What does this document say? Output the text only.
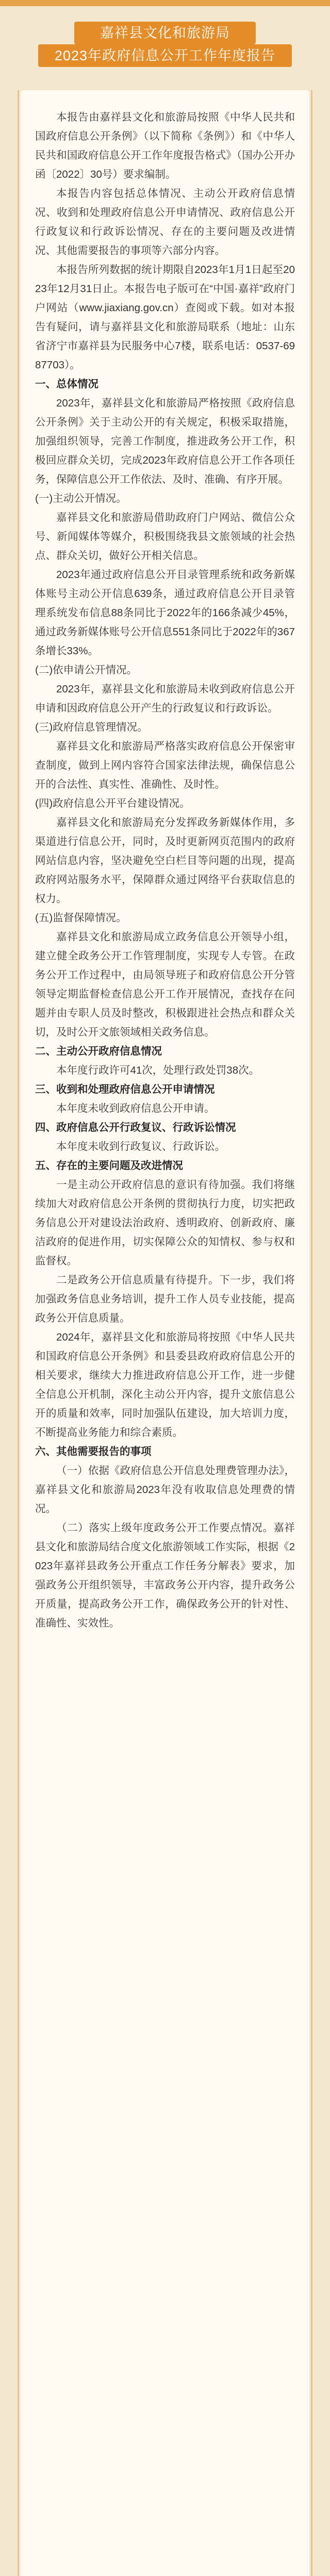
嘉祥县文化和旅游局
2023年政府信息公开工作年度报告

本报告由嘉祥县文化和旅游局按照《中华人民共和国政府信息公开条例》（以下简称《条例》）和《中华人民共和国政府信息公开工作年度报告格式》（国办公开办函〔2022〕30号）要求编制。

本报告内容包括总体情况、主动公开政府信息情况、收到和处理政府信息公开申请情况、政府信息公开行政复议和行政诉讼情况、存在的主要问题及改进情况、其他需要报告的事项等六部分内容。

本报告所列数据的统计期限自2023年1月1日起至2023年12月31日止。本报告电子版可在“中国·嘉祥”政府门户网站（www.jiaxiang.gov.cn）查阅或下载。如对本报告有疑问，请与嘉祥县文化和旅游局联系（地址：山东省济宁市嘉祥县为民服务中心7楼，联系电话：0537-6987703）。

一、总体情况

2023年，嘉祥县文化和旅游局严格按照《政府信息公开条例》关于主动公开的有关规定，积极采取措施，加强组织领导，完善工作制度，推进政务公开工作，积极回应群众关切，完成2023年政府信息公开工作各项任务，保障信息公开工作依法、及时、准确、有序开展。

(一)主动公开情况。

嘉祥县文化和旅游局借助政府门户网站、微信公众号、新闻媒体等媒介，积极围绕我县文旅领域的社会热点、群众关切，做好公开相关信息。

2023年通过政府信息公开目录管理系统和政务新媒体账号主动公开信息639条，通过政府信息公开目录管理系统发布信息88条同比于2022年的166条减少45%，通过政务新媒体账号公开信息551条同比于2022年的367条增长33%。

(二)依申请公开情况。

2023年，嘉祥县文化和旅游局未收到政府信息公开申请和因政府信息公开产生的行政复议和行政诉讼。

(三)政府信息管理情况。

嘉祥县文化和旅游局严格落实政府信息公开保密审查制度，做到上网内容符合国家法律法规，确保信息公开的合法性、真实性、准确性、及时性。

(四)政府信息公开平台建设情况。

嘉祥县文化和旅游局充分发挥政务新媒体作用，多渠道进行信息公开，同时，及时更新网页范围内的政府网站信息内容，坚决避免空白栏目等问题的出现，提高政府网站服务水平，保障群众通过网络平台获取信息的权力。

(五)监督保障情况。

嘉祥县文化和旅游局成立政务信息公开领导小组，建立健全政务公开工作管理制度，实现专人专管。在政务公开工作过程中，由局领导班子和政府信息公开分管领导定期监督检查信息公开工作开展情况，查找存在问题并由专职人员及时整改，积极跟进社会热点和群众关切，及时公开文旅领域相关政务信息。

二、主动公开政府信息情况

本年度行政许可41次，处理行政处罚38次。

三、收到和处理政府信息公开申请情况

本年度未收到政府信息公开申请。

四、政府信息公开行政复议、行政诉讼情况

本年度未收到行政复议、行政诉讼。

五、存在的主要问题及改进情况

一是主动公开政府信息的意识有待加强。我们将继续加大对政府信息公开条例的贯彻执行力度，切实把政务信息公开对建设法治政府、透明政府、创新政府、廉洁政府的促进作用，切实保障公众的知情权、参与权和监督权。

二是政务公开信息质量有待提升。下一步，我们将加强政务信息业务培训，提升工作人员专业技能，提高政务公开信息质量。

2024年，嘉祥县文化和旅游局将按照《中华人民共和国政府信息公开条例》和县委县政府政府信息公开的相关要求，继续大力推进政府信息公开工作，进一步健全信息公开机制，深化主动公开内容，提升文旅信息公开的质量和效率，同时加强队伍建设，加大培训力度，不断提高业务能力和综合素质。

六、其他需要报告的事项

（一）依据《政府信息公开信息处理费管理办法》，嘉祥县文化和旅游局2023年没有收取信息处理费的情况。

（二）落实上级年度政务公开工作要点情况。嘉祥县文化和旅游局结合度文化旅游领域工作实际，根据《2023年嘉祥县政务公开重点工作任务分解表》要求，加强政务公开组织领导，丰富政务公开内容，提升政务公开质量，提高政务公开工作，确保政务公开的针对性、准确性、实效性。
